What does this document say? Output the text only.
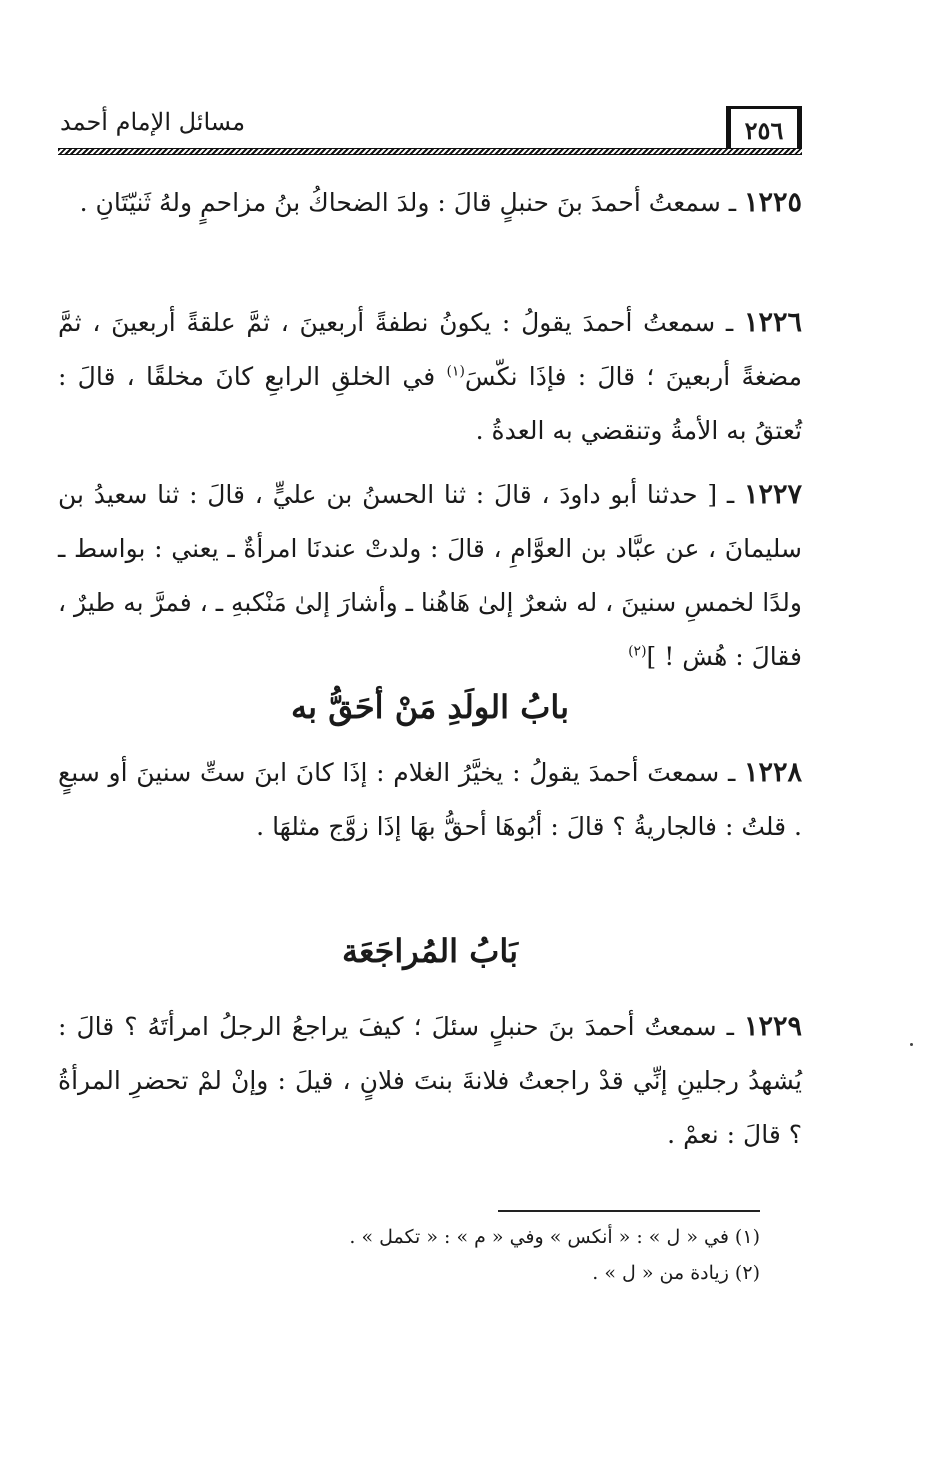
٢٥٦
مسائل الإمام أحمد
١٢٢٥ ـ سمعتُ أحمدَ بنَ حنبلٍ قالَ : ولدَ الضحاكُ بنُ مزاحمٍ ولهُ ثَنيّتَانِ .
١٢٢٦ ـ سمعتُ أحمدَ يقولُ : يكونُ نطفةً أربعينَ ، ثمَّ علقةً أربعينَ ، ثمَّ مضغةً أربعينَ ؛ قالَ : فإذَا نكّسَ$^{(١)}$ في الخلقِ الرابعِ كانَ مخلقًا ، قالَ : تُعتقُ به الأمةُ وتنقضي به العدةُ .
١٢٢٧ ـ [ حدثنا أبو داودَ ، قالَ : ثنا الحسنُ بن عليٍّ ، قالَ : ثنا سعيدُ بن سليمانَ ، عن عبَّاد بن العوَّامِ ، قالَ : ولدتْ عندنَا امرأةٌ ـ يعني : بواسط ـ ولدًا لخمسِ سنينَ ، له شعرٌ إلىٰ هَاهُنا ـ وأشارَ إلىٰ مَنْكبهِ ـ ، فمرَّ به طيرٌ ، فقالَ : هُش ! ]$^{(٢)}$
بابُ الولَدِ مَنْ أحَقُّ به
١٢٢٨ ـ سمعتَ أحمدَ يقولُ : يخيَّرُ الغلام : إذَا كانَ ابنَ ستِّ سنينَ أو سبعٍ . قلتُ : فالجاريةُ ؟ قالَ : أبُوهَا أحقُّ بهَا إذَا زوَّج مثلهَا .
بَابُ المُراجَعَة
١٢٢٩ ـ سمعتُ أحمدَ بنَ حنبلٍ سئلَ ؛ كيفَ يراجعُ الرجلُ امرأتَهُ ؟ قالَ : يُشهدُ رجلينِ إنِّي قدْ راجعتُ فلانةَ بنتَ فلانٍ ، قيلَ : وإنْ لمْ تحضرِ المرأةُ ؟ قالَ : نعمْ .
(١) في « ل » : « أنكس » وفي « م » : « تكمل » .
(٢) زيادة من « ل » .
